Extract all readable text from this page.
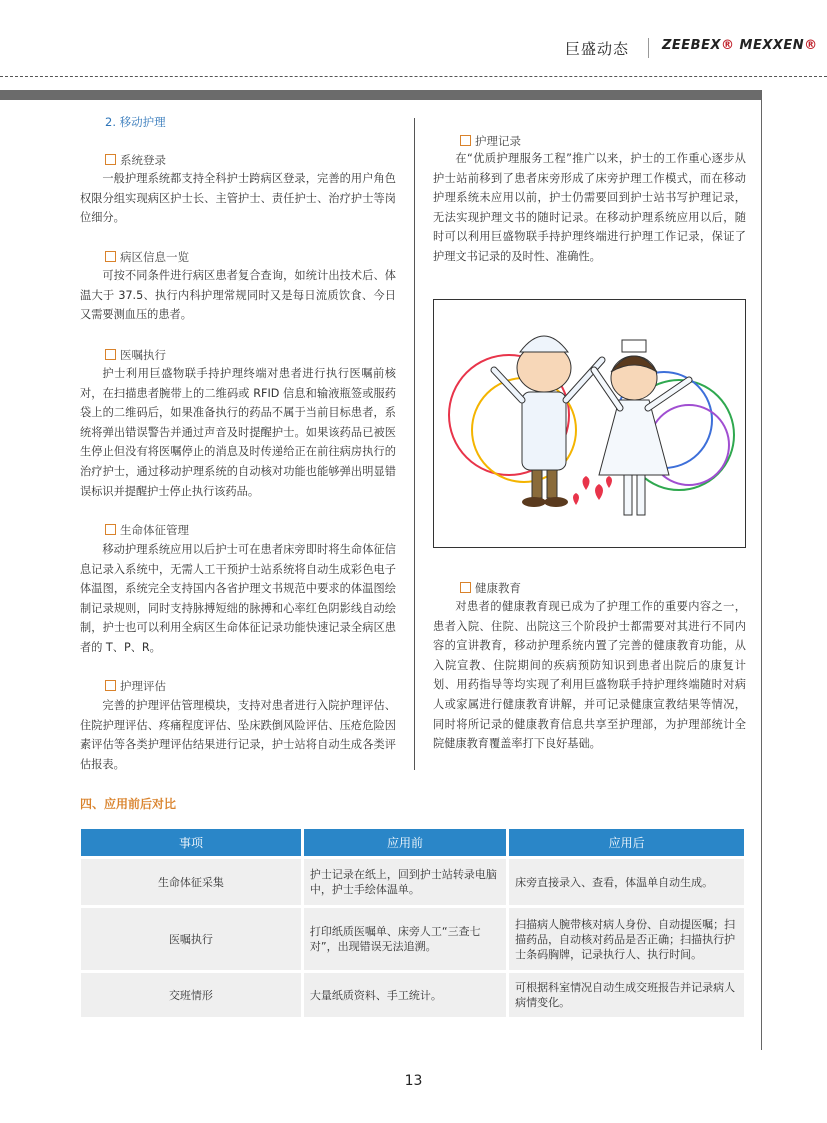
巨盛动态	ZEEBEX® MEXXEN®
2. 移动护理
系统登录
一般护理系统都支持全科护士跨病区登录，完善的用户角色权限分组实现病区护士长、主管护士、责任护士、治疗护士等岗位细分。
病区信息一览
可按不同条件进行病区患者复合查询，如统计出技术后、体温大于 37.5、执行内科护理常规同时又是每日流质饮食、今日又需要测血压的患者。
医嘱执行
护士利用巨盛物联手持护理终端对患者进行执行医嘱前核对，在扫描患者腕带上的二维码或 RFID 信息和输液瓶签或服药袋上的二维码后，如果准备执行的药品不属于当前目标患者，系统将弹出错误警告并通过声音及时提醒护士。如果该药品已被医生停止但没有将医嘱停止的消息及时传递给正在前往病房执行的治疗护士，通过移动护理系统的自动核对功能也能够弹出明显错误标识并提醒护士停止执行该药品。
生命体征管理
移动护理系统应用以后护士可在患者床旁即时将生命体征信息记录入系统中，无需人工干预护士站系统将自动生成彩色电子体温图，系统完全支持国内各省护理文书规范中要求的体温图绘制记录规则，同时支持脉搏短绌的脉搏和心率红色阴影线自动绘制，护士也可以利用全病区生命体征记录功能快速记录全病区患者的 T、P、R。
护理评估
完善的护理评估管理模块，支持对患者进行入院护理评估、住院护理评估、疼痛程度评估、坠床跌倒风险评估、压疮危险因素评估等各类护理评估结果进行记录，护士站将自动生成各类评估报表。
护理记录
在“优质护理服务工程”推广以来，护士的工作重心逐步从护士站前移到了患者床旁形成了床旁护理工作模式，而在移动护理系统未应用以前，护士仍需要回到护士站书写护理记录，无法实现护理文书的随时记录。在移动护理系统应用以后，随时可以利用巨盛物联手持护理终端进行护理工作记录，保证了护理文书记录的及时性、准确性。
健康教育
对患者的健康教育现已成为了护理工作的重要内容之一，患者入院、住院、出院这三个阶段护士都需要对其进行不同内容的宣讲教育，移动护理系统内置了完善的健康教育功能，从入院宣教、住院期间的疾病预防知识到患者出院后的康复计划、用药指导等均实现了利用巨盛物联手持护理终端随时对病人或家属进行健康教育讲解，并可记录健康宣教结果等情况，同时将所记录的健康教育信息共享至护理部，为护理部统计全院健康教育覆盖率打下良好基础。
四、应用前后对比
事项	应用前	应用后
生命体征采集	护士记录在纸上，回到护士站转录电脑中，护士手绘体温单。	床旁直接录入、查看，体温单自动生成。
医嘱执行	打印纸质医嘱单、床旁人工“三查七对”，出现错误无法追溯。	扫描病人腕带核对病人身份、自动提医嘱；扫描药品，自动核对药品是否正确；扫描执行护士条码胸牌，记录执行人、执行时间。
交班情形	大量纸质资料、手工统计。	可根据科室情况自动生成交班报告并记录病人病情变化。
13
